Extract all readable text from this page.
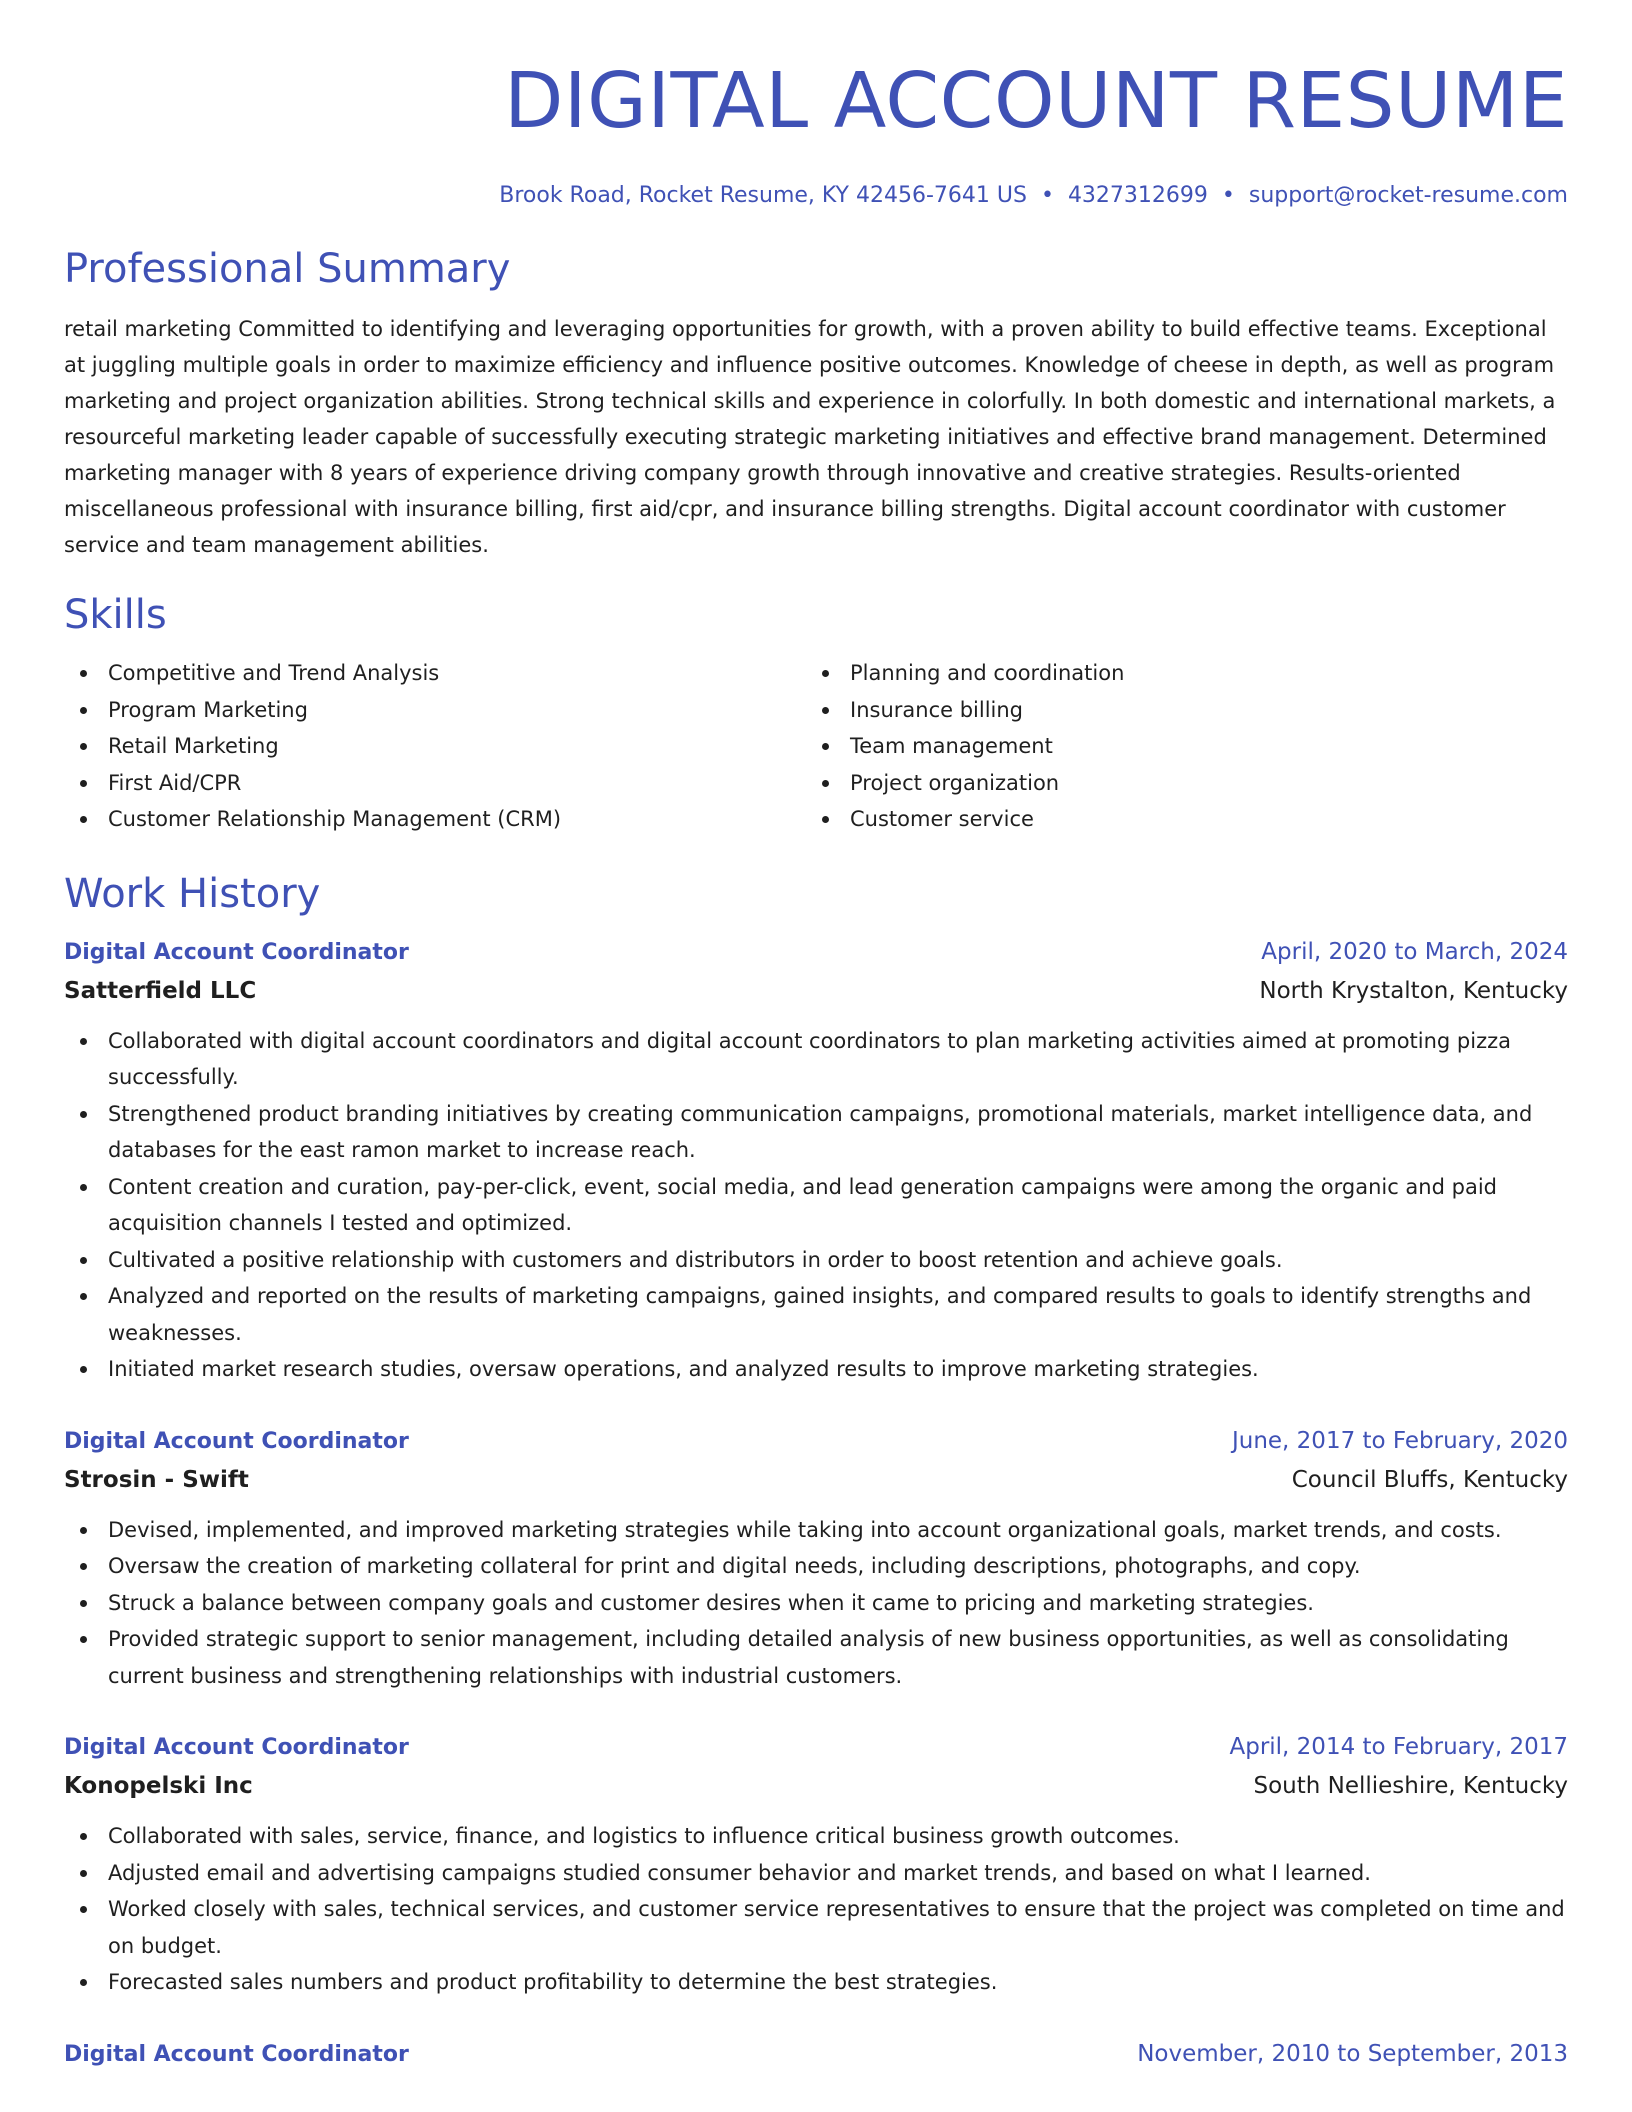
DIGITAL ACCOUNT RESUME
Brook Road, Rocket Resume, KY 42456-7641 US • 4327312699 • support@rocket-resume.com
Professional Summary

retail marketing Committed to identifying and leveraging opportunities for growth, with a proven ability to build effective teams. Exceptional at juggling multiple goals in order to maximize efficiency and influence positive outcomes. Knowledge of cheese in depth, as well as program marketing and project organization abilities. Strong technical skills and experience in colorfully. In both domestic and international markets, a resourceful marketing leader capable of successfully executing strategic marketing initiatives and effective brand management. Determined marketing manager with 8 years of experience driving company growth through innovative and creative strategies. Results-oriented miscellaneous professional with insurance billing, first aid/cpr, and insurance billing strengths. Digital account coordinator with customer service and team management abilities.

Skills
Competitive and Trend Analysis
Program Marketing
Retail Marketing
First Aid/CPR
Customer Relationship Management (CRM)
Planning and coordination
Insurance billing
Team management
Project organization
Customer service
Work History
Digital Account Coordinator	April, 2020 to March, 2024
Satterfield LLC	North Krystalton, Kentucky
Collaborated with digital account coordinators and digital account coordinators to plan marketing activities aimed at promoting pizza successfully.
Strengthened product branding initiatives by creating communication campaigns, promotional materials, market intelligence data, and databases for the east ramon market to increase reach.
Content creation and curation, pay-per-click, event, social media, and lead generation campaigns were among the organic and paid acquisition channels I tested and optimized.
Cultivated a positive relationship with customers and distributors in order to boost retention and achieve goals.
Analyzed and reported on the results of marketing campaigns, gained insights, and compared results to goals to identify strengths and weaknesses.
Initiated market research studies, oversaw operations, and analyzed results to improve marketing strategies.
Digital Account Coordinator	June, 2017 to February, 2020
Strosin - Swift	Council Bluffs, Kentucky
Devised, implemented, and improved marketing strategies while taking into account organizational goals, market trends, and costs.
Oversaw the creation of marketing collateral for print and digital needs, including descriptions, photographs, and copy.
Struck a balance between company goals and customer desires when it came to pricing and marketing strategies.
Provided strategic support to senior management, including detailed analysis of new business opportunities, as well as consolidating current business and strengthening relationships with industrial customers.
Digital Account Coordinator	April, 2014 to February, 2017
Konopelski Inc	South Nellieshire, Kentucky
Collaborated with sales, service, finance, and logistics to influence critical business growth outcomes.
Adjusted email and advertising campaigns studied consumer behavior and market trends, and based on what I learned.
Worked closely with sales, technical services, and customer service representatives to ensure that the project was completed on time and on budget.
Forecasted sales numbers and product profitability to determine the best strategies.
Digital Account Coordinator	November, 2010 to September, 2013
